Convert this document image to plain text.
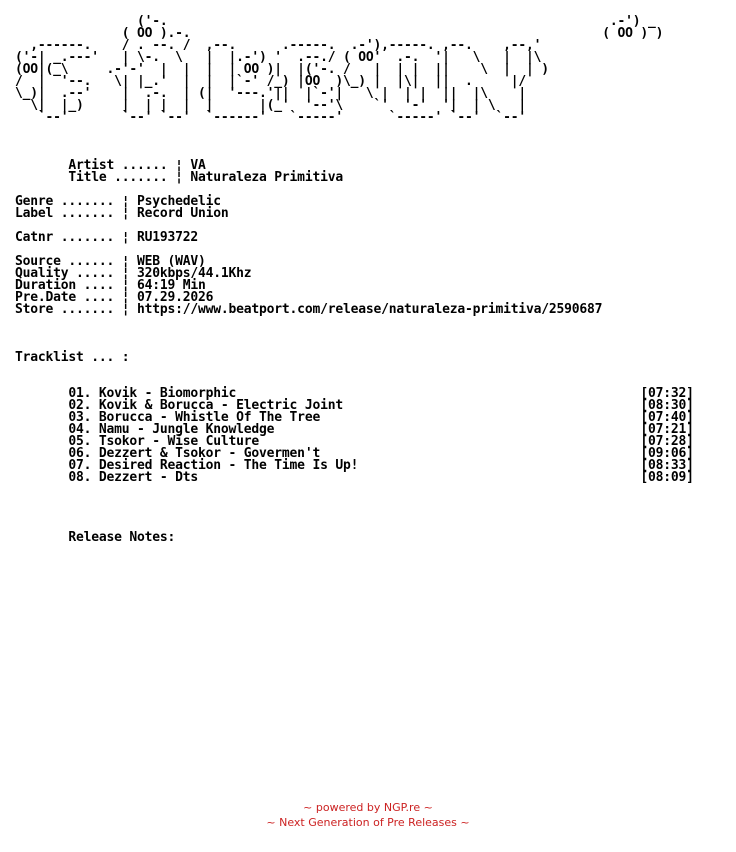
('-.                                                          .-') _
( OO ).-.                                                      ( OO ) )
,------.    / . --. /  ,--.      .-----.  .-'),-----. ,--.    ,--,'
('-| _.---'   | \-.  \   |  |.-') '  .--./ ( OO'  .-.  '|   \   |  |\
(OO|(_\     .-'-'  |  |  |  | OO )|  |('-. /   |  | |  ||    \  |  | )
/  |  '--.   \| |_.'  |  |  |`-' /_) |OO  )\_) |  |\|  ||  .     |/
\_)|  .--'    |  .-.  | (|  '---.'||  |`-'|   \ |  | |  ||  |\    |
\|  |_)     |  | |  |  |      |(_'  '--'\    `'  '-'  '|  | \   |
`--'       `--' `--'  `------'   `-----'      `-----' `--'  `--'

Artist ...... ¦ VA
Title ....... ¦ Naturaleza Primitiva

Genre ....... ¦ Psychedelic
Label ....... ¦ Record Union

Catnr ....... ¦ RU193722

Source ...... ¦ WEB (WAV)
Quality ..... ¦ 320kbps/44.1Khz
Duration .... ¦ 64:19 Min
Pre.Date .... ¦ 07.29.2026
Store ....... ¦ https://www.beatport.com/release/naturaleza-primitiva/2590687

Tracklist ... :

01. Kovik - Biomorphic                                                     [07:32]
02. Kovik & Borucca - Electric Joint                                       [08:30]
03. Borucca - Whistle Of The Tree                                          [07:40]
04. Namu - Jungle Knowledge                                                [07:21]
05. Tsokor - Wise Culture                                                  [07:28]
06. Dezzert & Tsokor - Govermen't                                          [09:06]
07. Desired Reaction - The Time Is Up!                                     [08:33]
08. Dezzert - Dts                                                          [08:09]

Release Notes:
~ powered by NGP.re ~
~ Next Generation of Pre Releases ~
